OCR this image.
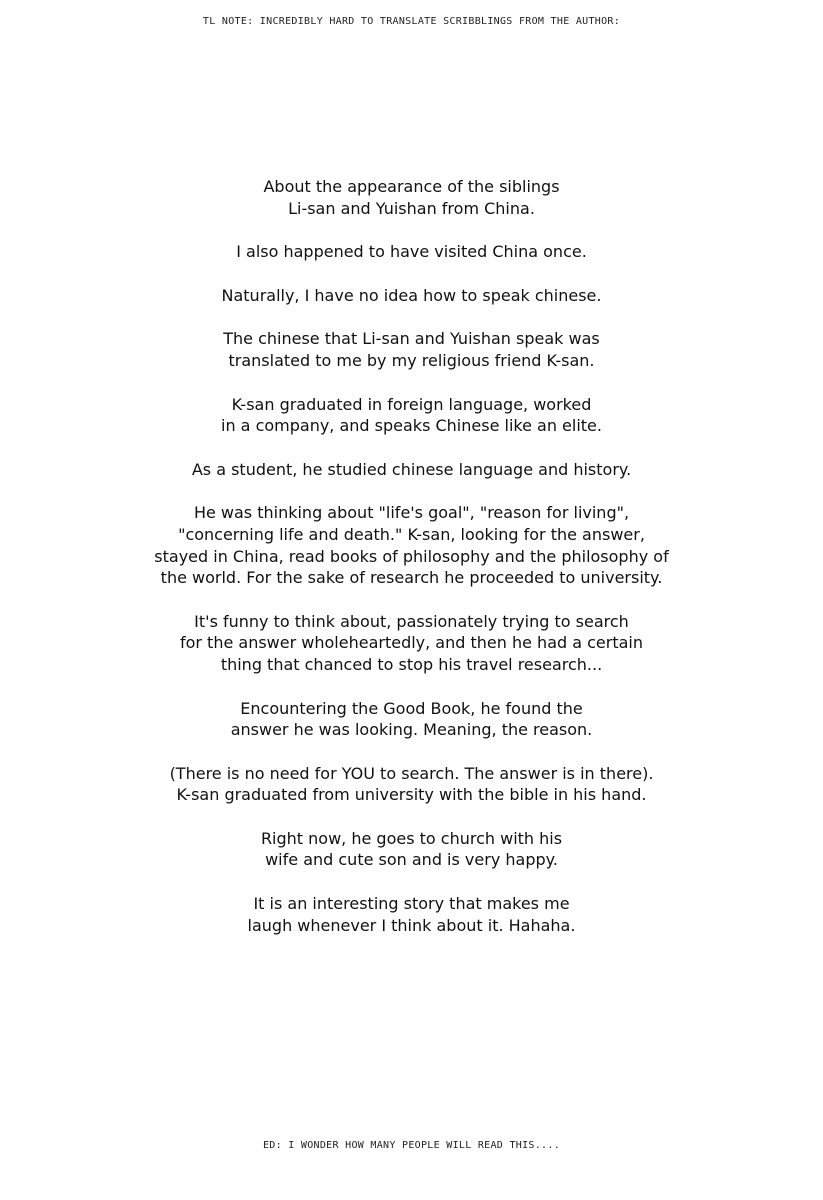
TL NOTE: INCREDIBLY HARD TO TRANSLATE SCRIBBLINGS FROM THE AUTHOR:

About the appearance of the siblings
Li-san and Yuishan from China.

I also happened to have visited China once.

Naturally, I have no idea how to speak chinese.

The chinese that Li-san and Yuishan speak was
translated to me by my religious friend K-san.

K-san graduated in foreign language, worked
in a company, and speaks Chinese like an elite.

As a student, he studied chinese language and history.

He was thinking about "life's goal", "reason for living",
"concerning life and death." K-san, looking for the answer,
stayed in China, read books of philosophy and the philosophy of
the world. For the sake of research he proceeded to university.

It's funny to think about, passionately trying to search
for the answer wholeheartedly, and then he had a certain
thing that chanced to stop his travel research...

Encountering the Good Book, he found the
answer he was looking. Meaning, the reason.

(There is no need for YOU to search. The answer is in there).
K-san graduated from university with the bible in his hand.

Right now, he goes to church with his
wife and cute son and is very happy.

It is an interesting story that makes me
laugh whenever I think about it. Hahaha.

ED: I WONDER HOW MANY PEOPLE WILL READ THIS....
